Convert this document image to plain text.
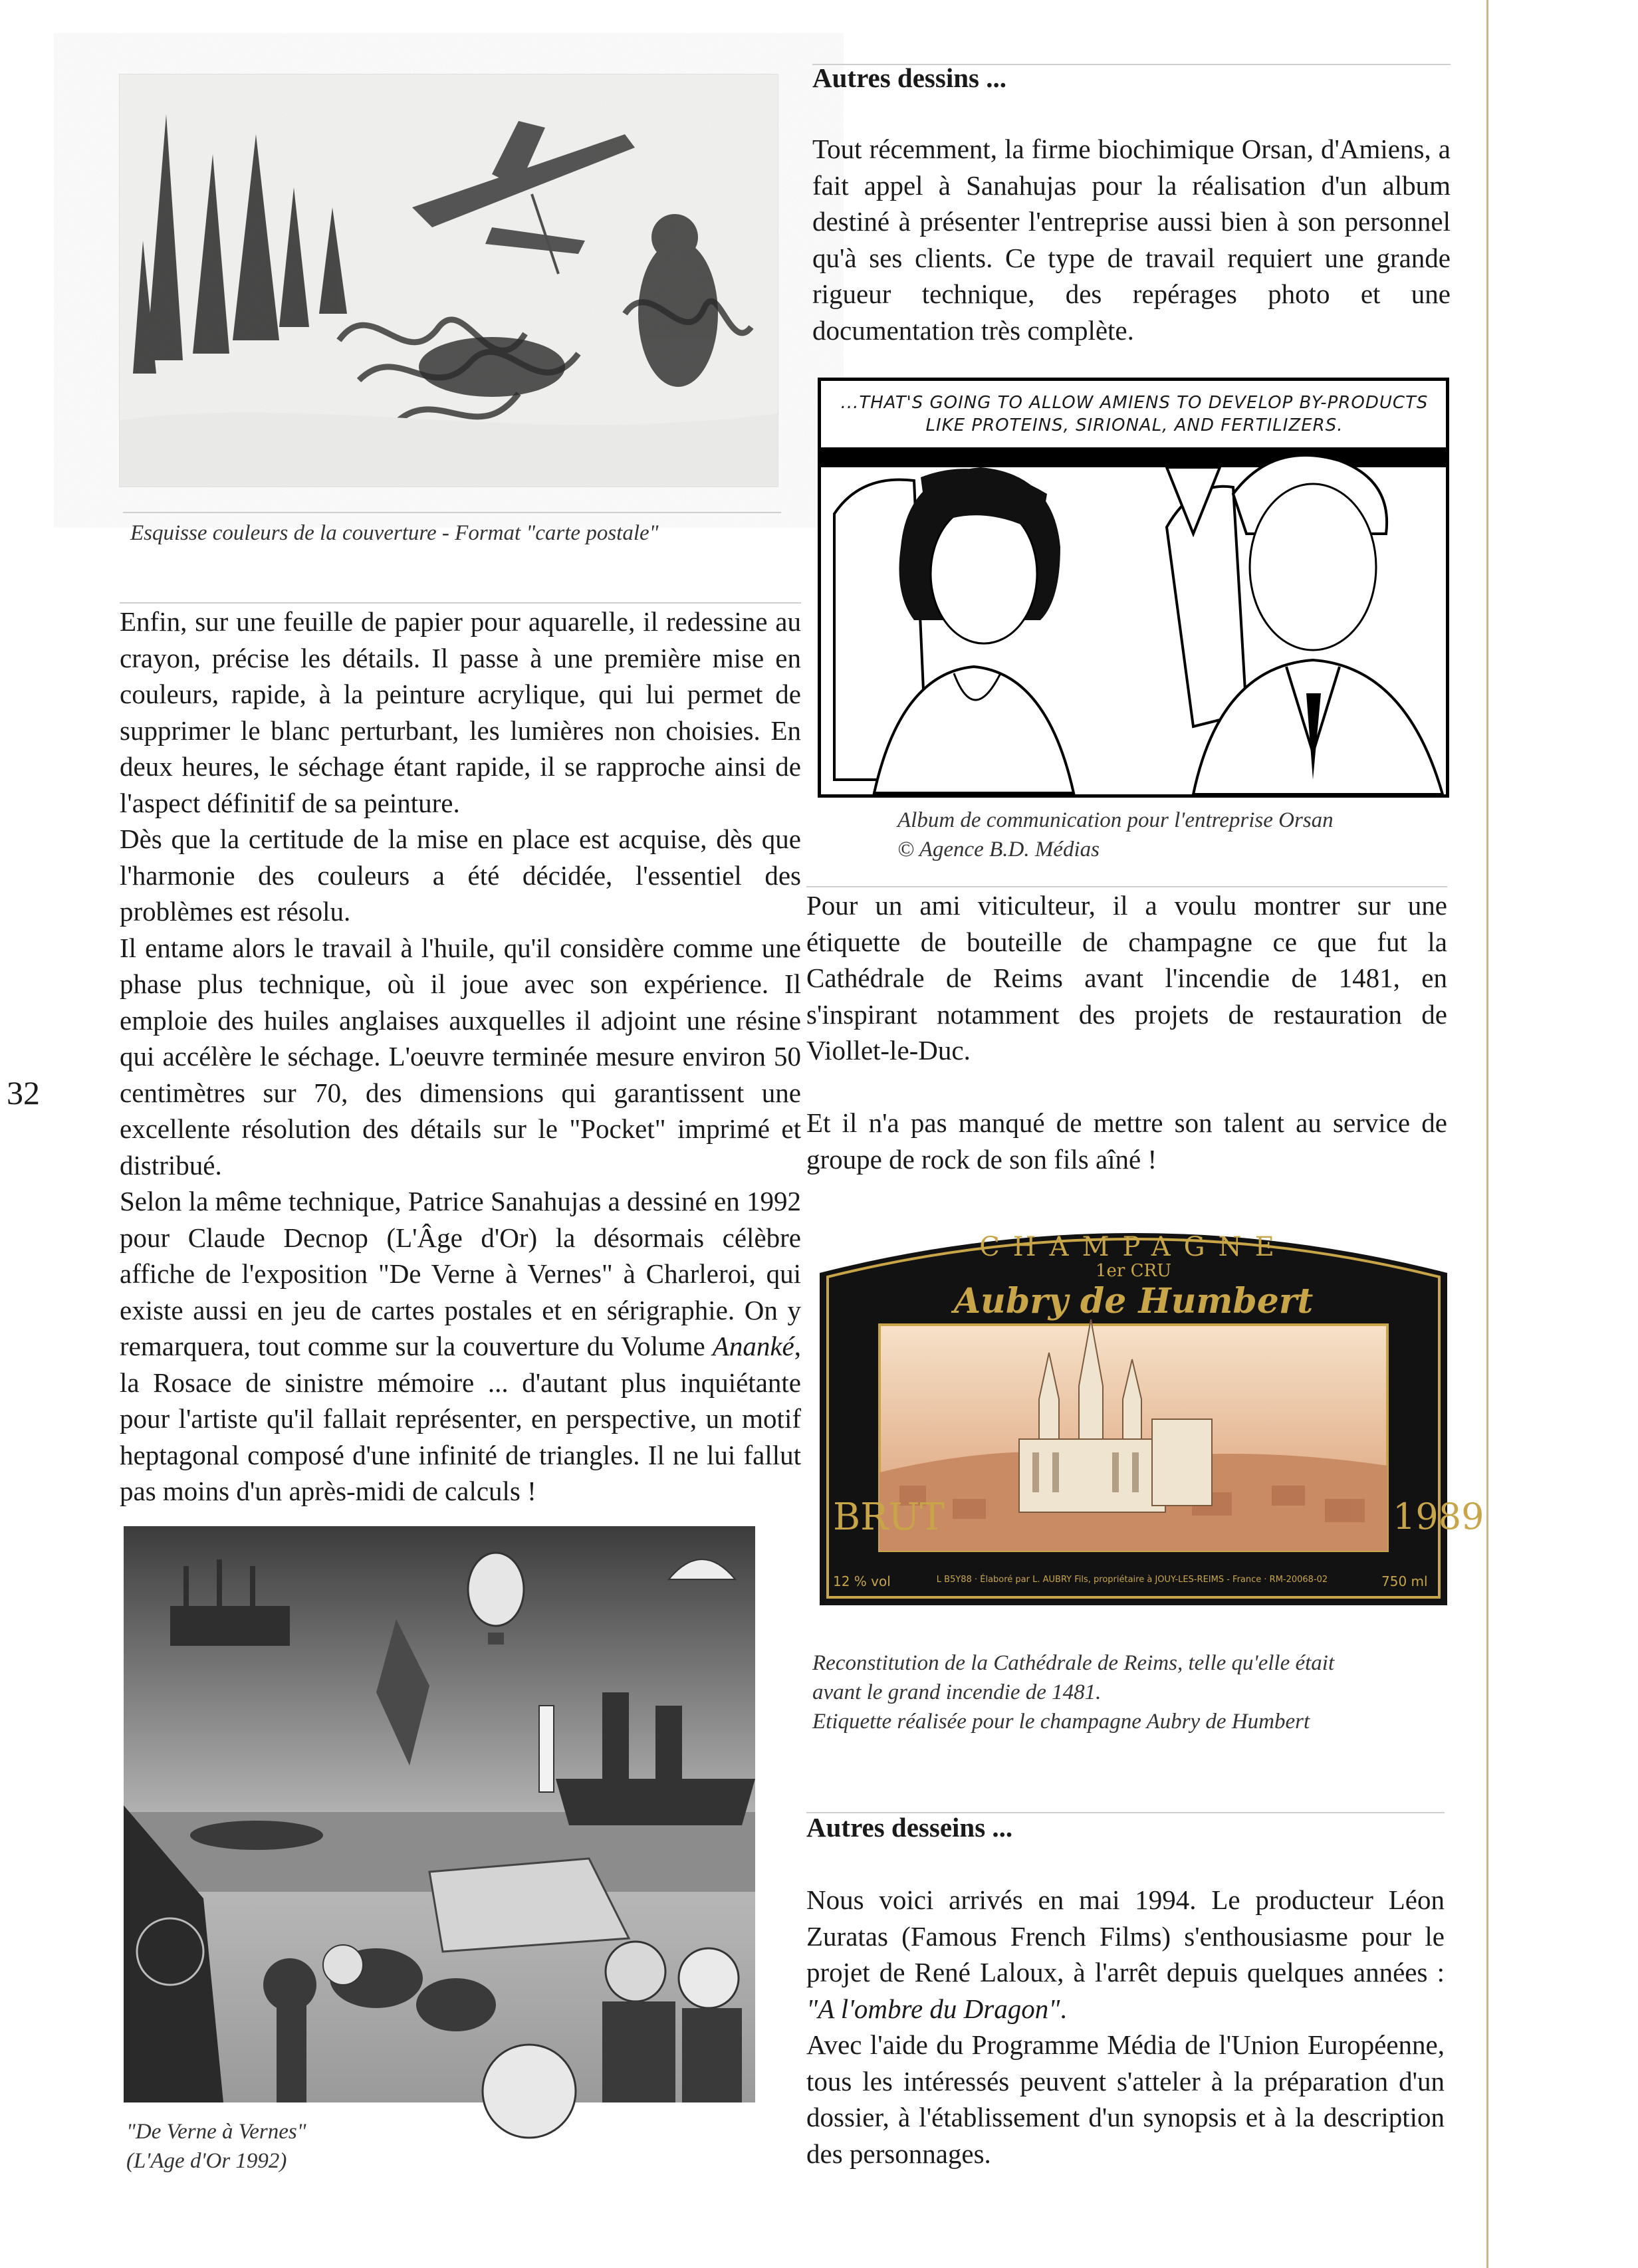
32
Esquisse couleurs de la couverture - Format "carte postale"

Enfin, sur une feuille de papier pour aquarelle, il redessine au crayon, précise les détails. Il passe à une première mise en couleurs, rapide, à la peinture acrylique, qui lui permet de supprimer le blanc perturbant, les lumières non choisies. En deux heures, le séchage étant rapide, il se rapproche ainsi de l'aspect définitif de sa peinture.

Dès que la certitude de la mise en place est acquise, dès que l'harmonie des couleurs a été décidée, l'essentiel des problèmes est résolu.

Il entame alors le travail à l'huile, qu'il considère comme une phase plus technique, où il joue avec son expérience. Il emploie des huiles anglaises auxquelles il adjoint une résine qui accélère le séchage. L'oeuvre terminée mesure environ 50 centimètres sur 70, des dimensions qui garantissent une excellente résolution des détails sur le "Pocket" imprimé et distribué.

Selon la même technique, Patrice Sanahujas a dessiné en 1992 pour Claude Decnop (L'Âge d'Or) la désormais célèbre affiche de l'exposition "De Verne à Vernes" à Charleroi, qui existe aussi en jeu de cartes postales et en sérigraphie. On y remarquera, tout comme sur la couverture du Volume Ananké, la Rosace de sinistre mémoire ... d'autant plus inquiétante pour l'artiste qu'il fallait représenter, en perspective, un motif heptagonal composé d'une infinité de triangles. Il ne lui fallut pas moins d'un après-midi de calculs !

"De Verne à Vernes"
(L'Age d'Or 1992)
Autres dessins ...

Tout récemment, la firme biochimique Orsan, d'Amiens, a fait appel à Sanahujas pour la réalisation d'un album destiné à présenter l'entreprise aussi bien à son personnel qu'à ses clients. Ce type de travail requiert une grande rigueur technique, des repérages photo et une documentation très complète.

...THAT'S GOING TO ALLOW AMIENS TO DEVELOP BY-PRODUCTS
LIKE PROTEINS, SIRIONAL, AND FERTILIZERS.
Album de communication pour l'entreprise Orsan
© Agence B.D. Médias

Pour un ami viticulteur, il a voulu montrer sur une étiquette de bouteille de champagne ce que fut la Cathédrale de Reims avant l'incendie de 1481, en s'inspirant notamment des projets de restauration de Viollet-le-Duc.

Et il n'a pas manqué de mettre son talent au service de groupe de rock de son fils aîné !

CHAMPAGNE
1er CRU
Aubry de Humbert
BRUT	1989
12 % vol	L B5Y88 · Élaboré par L. AUBRY Fils, propriétaire à JOUY-LES-REIMS - France · RM-20068-02	750 ml
Reconstitution de la Cathédrale de Reims, telle qu'elle était
avant le grand incendie de 1481.
Etiquette réalisée pour le champagne Aubry de Humbert
Autres desseins ...

Nous voici arrivés en mai 1994. Le producteur Léon Zuratas (Famous French Films) s'enthousiasme pour le projet de René Laloux, à l'arrêt depuis quelques années : "A l'ombre du Dragon".

Avec l'aide du Programme Média de l'Union Européenne, tous les intéressés peuvent s'atteler à la préparation d'un dossier, à l'établissement d'un synopsis et à la description des personnages.
